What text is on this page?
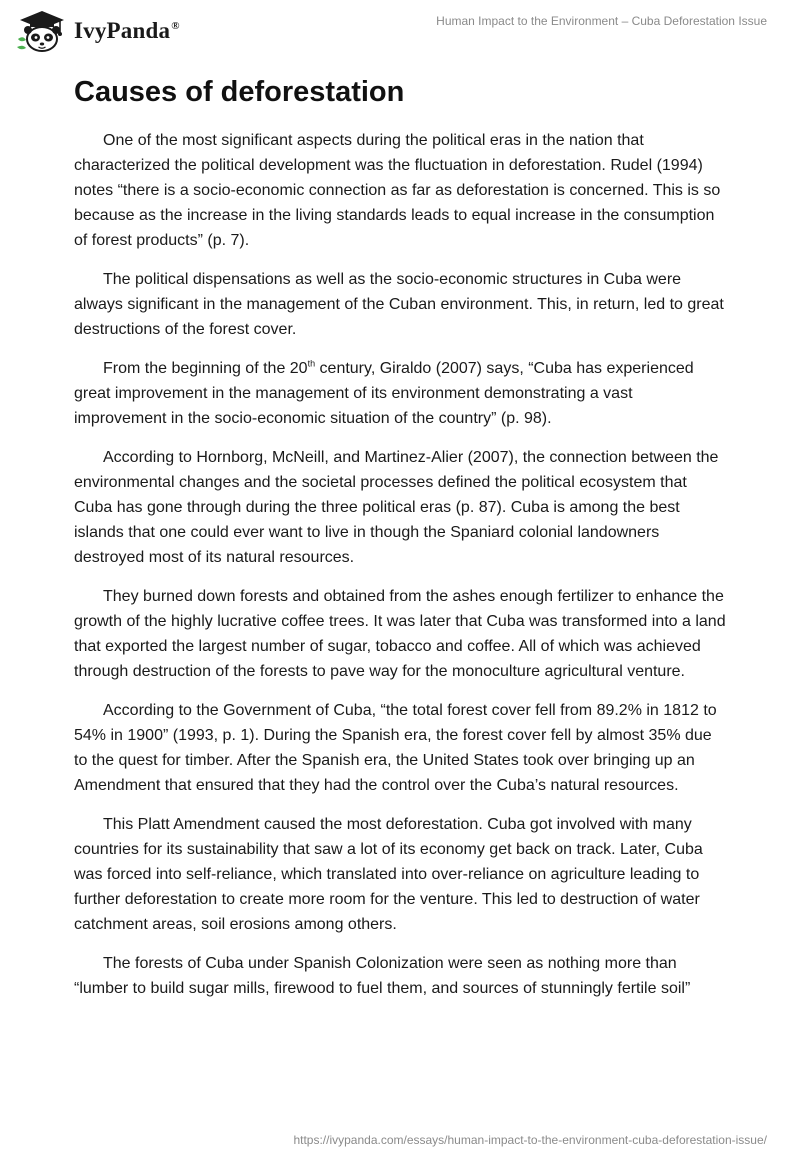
IvyPanda®	Human Impact to the Environment – Cuba Deforestation Issue
Causes of deforestation

One of the most significant aspects during the political eras in the nation that characterized the political development was the fluctuation in deforestation. Rudel (1994) notes “there is a socio-economic connection as far as deforestation is concerned. This is so because as the increase in the living standards leads to equal increase in the consumption of forest products” (p. 7).

The political dispensations as well as the socio-economic structures in Cuba were always significant in the management of the Cuban environment. This, in return, led to great destructions of the forest cover.

From the beginning of the 20th century, Giraldo (2007) says, “Cuba has experienced great improvement in the management of its environment demonstrating a vast improvement in the socio-economic situation of the country” (p. 98).

According to Hornborg, McNeill, and Martinez-Alier (2007), the connection between the environmental changes and the societal processes defined the political ecosystem that Cuba has gone through during the three political eras (p. 87). Cuba is among the best islands that one could ever want to live in though the Spaniard colonial landowners destroyed most of its natural resources.

They burned down forests and obtained from the ashes enough fertilizer to enhance the growth of the highly lucrative coffee trees. It was later that Cuba was transformed into a land that exported the largest number of sugar, tobacco and coffee. All of which was achieved through destruction of the forests to pave way for the monoculture agricultural venture.

According to the Government of Cuba, “the total forest cover fell from 89.2% in 1812 to 54% in 1900” (1993, p. 1). During the Spanish era, the forest cover fell by almost 35% due to the quest for timber. After the Spanish era, the United States took over bringing up an Amendment that ensured that they had the control over the Cuba’s natural resources.

This Platt Amendment caused the most deforestation. Cuba got involved with many countries for its sustainability that saw a lot of its economy get back on track. Later, Cuba was forced into self-reliance, which translated into over-reliance on agriculture leading to further deforestation to create more room for the venture. This led to destruction of water catchment areas, soil erosions among others.

The forests of Cuba under Spanish Colonization were seen as nothing more than “lumber to build sugar mills, firewood to fuel them, and sources of stunningly fertile soil”

https://ivypanda.com/essays/human-impact-to-the-environment-cuba-deforestation-issue/
